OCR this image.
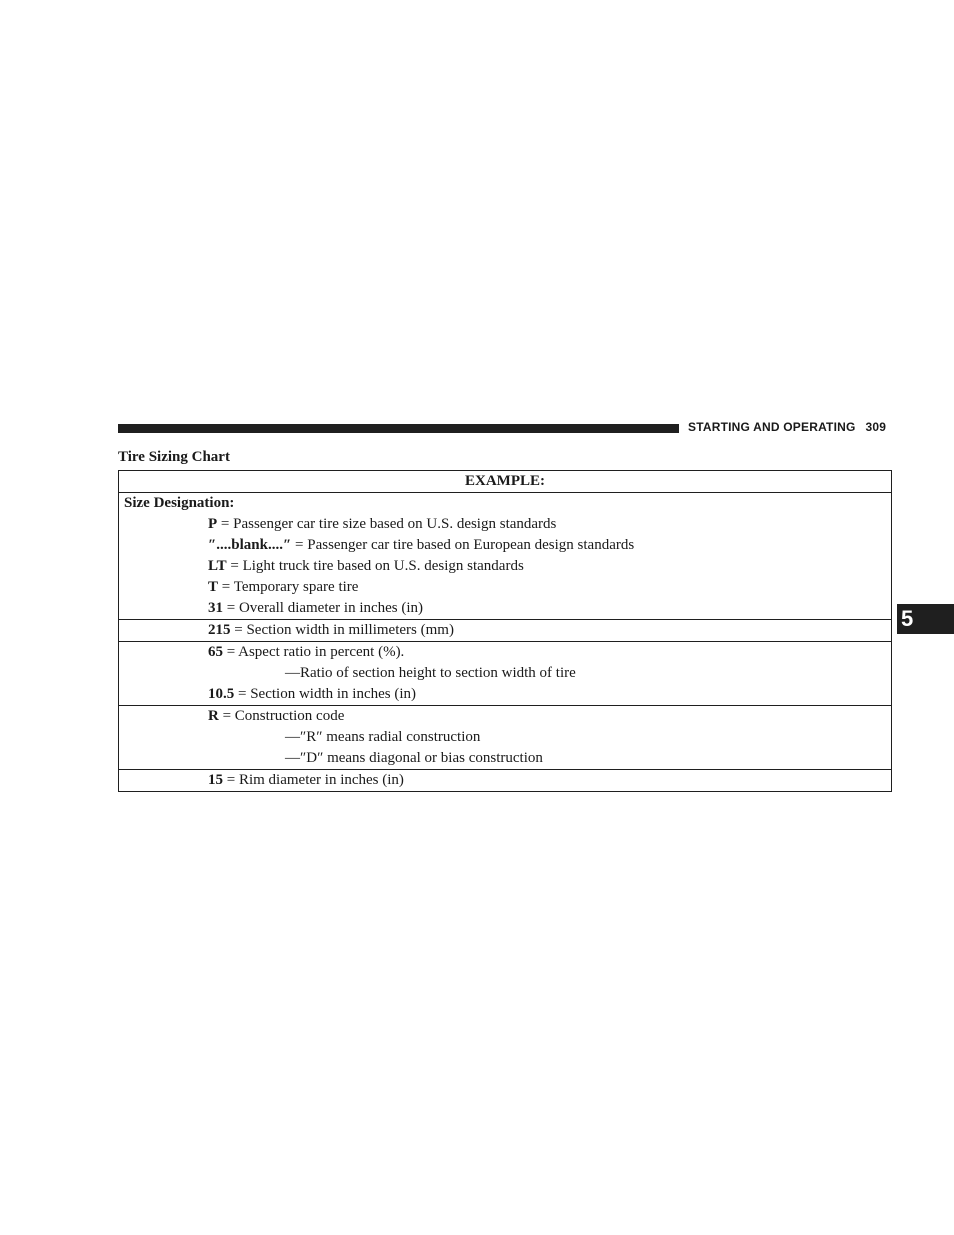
STARTING AND OPERATING 309
Tire Sizing Chart
EXAMPLE:

Size Designation:
P = Passenger car tire size based on U.S. design standards
″....blank....″ = Passenger car tire based on European design standards
LT = Light truck tire based on U.S. design standards
T = Temporary spare tire
31 = Overall diameter in inches (in)

215 = Section width in millimeters (mm)

65 = Aspect ratio in percent (%).
—Ratio of section height to section width of tire
10.5 = Section width in inches (in)

R = Construction code
—″R″ means radial construction
—″D″ means diagonal or bias construction

15 = Rim diameter in inches (in)
5
